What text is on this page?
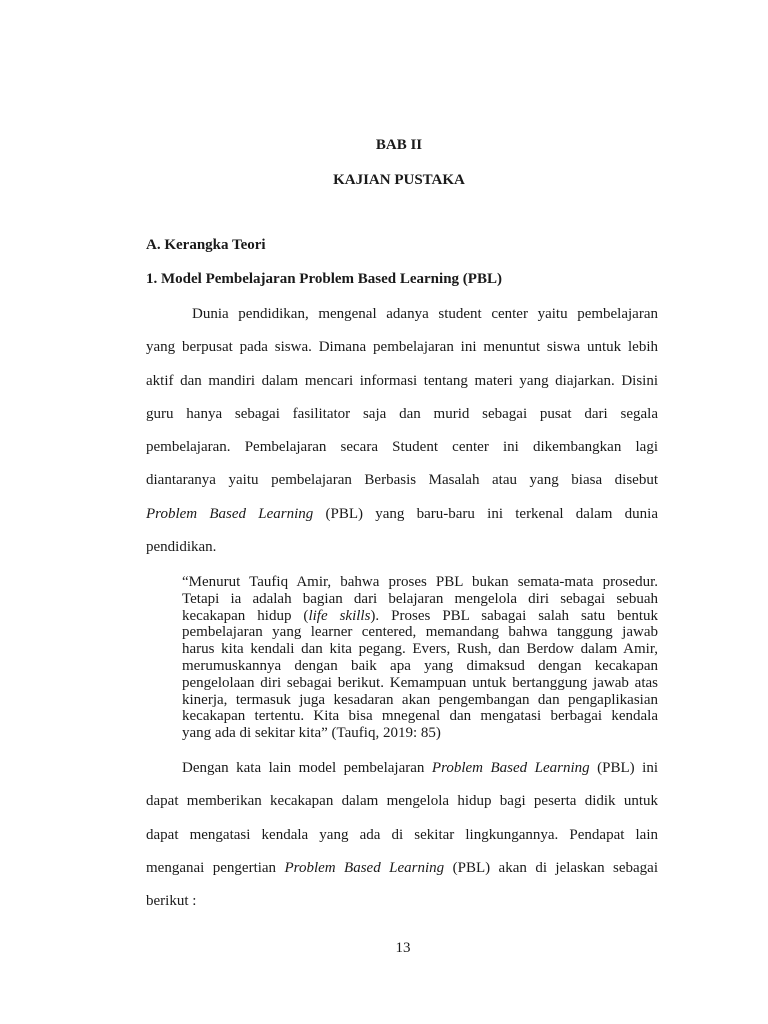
BAB II
KAJIAN PUSTAKA
A. Kerangka Teori
1. Model Pembelajaran Problem Based Learning (PBL)
Dunia pendidikan, mengenal adanya student center yaitu pembelajaran
yang berpusat pada siswa. Dimana pembelajaran ini menuntut siswa untuk lebih
aktif dan mandiri dalam mencari informasi tentang materi yang diajarkan. Disini
guru hanya sebagai fasilitator saja dan murid sebagai pusat dari segala
pembelajaran. Pembelajaran secara Student center ini dikembangkan lagi
diantaranya yaitu pembelajaran Berbasis Masalah atau yang biasa disebut
Problem Based Learning (PBL) yang baru-baru ini terkenal dalam dunia
pendidikan.
“Menurut Taufiq Amir, bahwa proses PBL bukan semata-mata prosedur.
Tetapi ia adalah bagian dari belajaran mengelola diri sebagai sebuah
kecakapan hidup (life skills). Proses PBL sabagai salah satu bentuk
pembelajaran yang learner centered, memandang bahwa tanggung jawab
harus kita kendali dan kita pegang. Evers, Rush, dan Berdow dalam Amir,
merumuskannya dengan baik apa yang dimaksud dengan kecakapan
pengelolaan diri sebagai berikut. Kemampuan untuk bertanggung jawab atas
kinerja, termasuk juga kesadaran akan pengembangan dan pengaplikasian
kecakapan tertentu. Kita bisa mnegenal dan mengatasi berbagai kendala
yang ada di sekitar kita” (Taufiq, 2019: 85)
Dengan kata lain model pembelajaran Problem Based Learning (PBL) ini
dapat memberikan kecakapan dalam mengelola hidup bagi peserta didik untuk
dapat mengatasi kendala yang ada di sekitar lingkungannya. Pendapat lain
menganai pengertian Problem Based Learning (PBL) akan di jelaskan sebagai
berikut :
13
